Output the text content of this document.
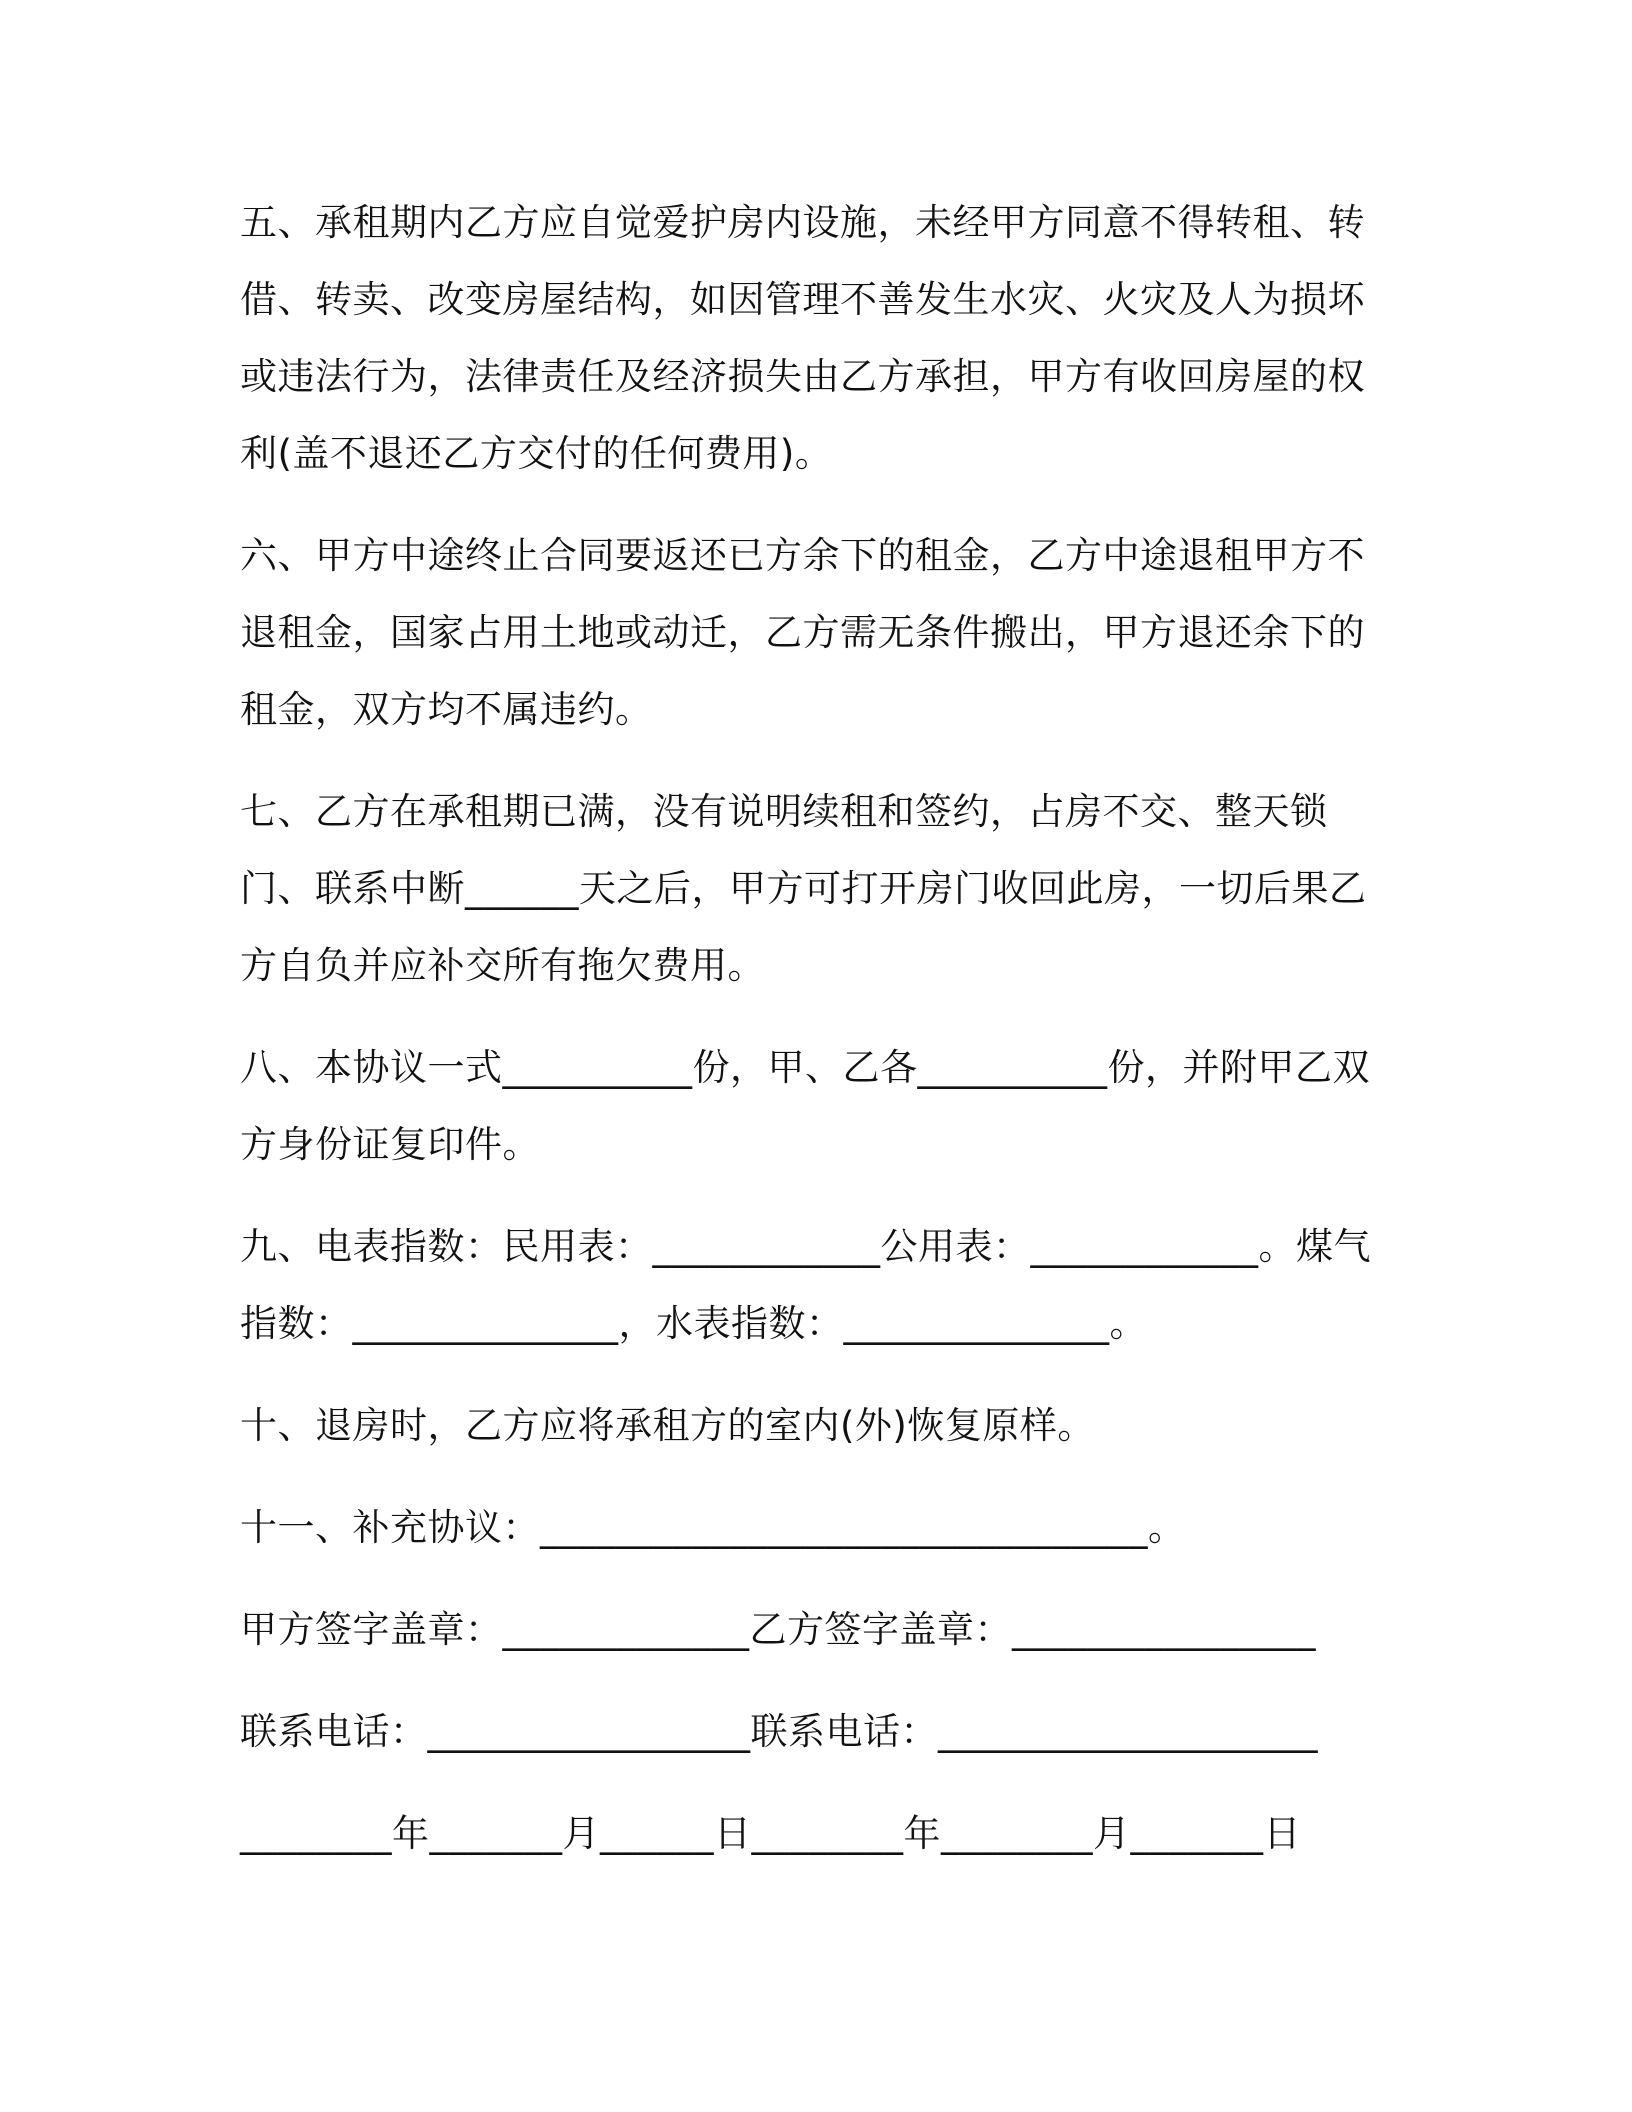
五、承租期内乙方应自觉爱护房内设施，未经甲方同意不得转租、转借、转卖、改变房屋结构，如因管理不善发生水灾、火灾及人为损坏或违法行为，法律责任及经济损失由乙方承担，甲方有收回房屋的权利(盖不退还乙方交付的任何费用)。

六、甲方中途终止合同要返还已方余下的租金，乙方中途退租甲方不退租金，国家占用土地或动迁，乙方需无条件搬出，甲方退还余下的租金，双方均不属违约。

七、乙方在承租期已满，没有说明续租和签约，占房不交、整天锁门、联系中断______天之后，甲方可打开房门收回此房，一切后果乙方自负并应补交所有拖欠费用。

八、本协议一式__________份，甲、乙各__________份，并附甲乙双方身份证复印件。

九、电表指数：民用表：____________公用表：____________。煤气指数：______________，水表指数：______________。

十、退房时，乙方应将承租方的室内(外)恢复原样。

十一、补充协议：________________________________。

甲方签字盖章：_____________乙方签字盖章：________________

联系电话：_________________联系电话：____________________

________年_______月______日________年________月_______日
